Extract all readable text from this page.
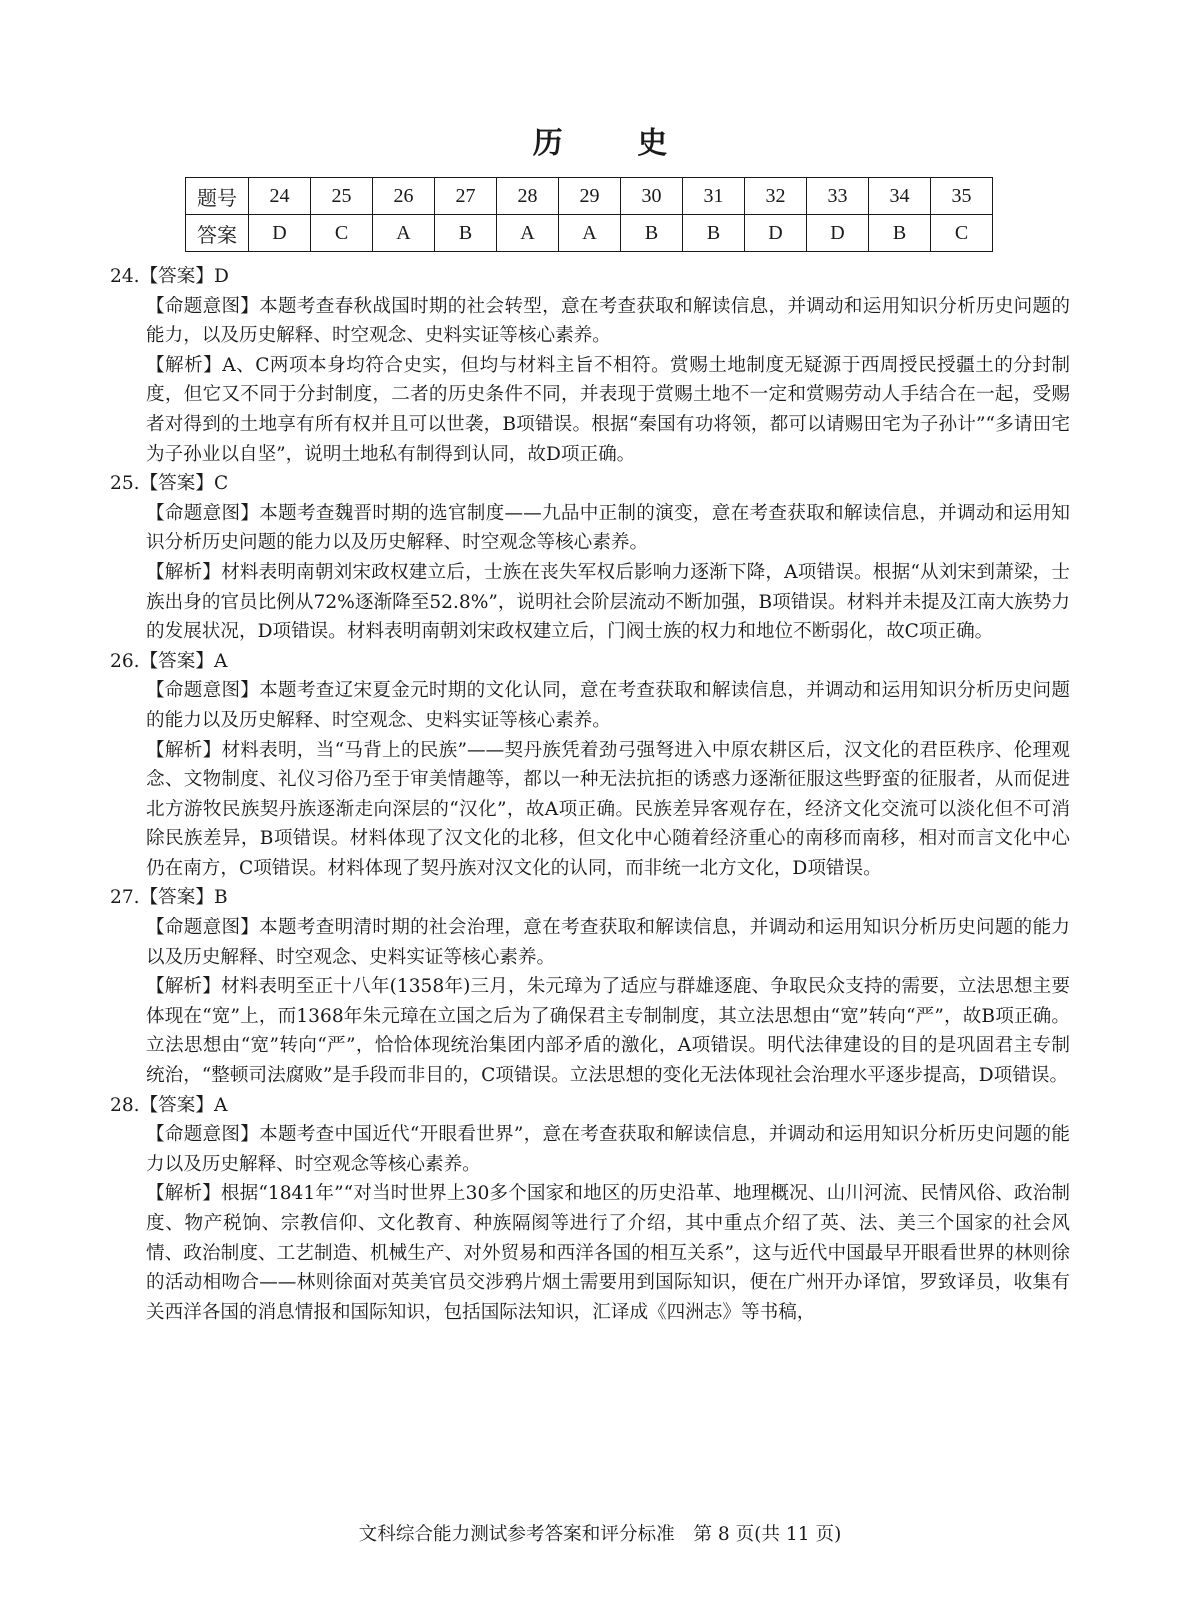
历 史
题号	24	25	26	27	28	29	30	31	32	33	34	35
答案	D	C	A	B	A	A	B	B	D	D	B	C

24.【答案】D

【命题意图】本题考查春秋战国时期的社会转型，意在考查获取和解读信息，并调动和运用知识分析历史问题的能力，以及历史解释、时空观念、史料实证等核心素养。

【解析】A、C两项本身均符合史实，但均与材料主旨不相符。赏赐土地制度无疑源于西周授民授疆土的分封制度，但它又不同于分封制度，二者的历史条件不同，并表现于赏赐土地不一定和赏赐劳动人手结合在一起，受赐者对得到的土地享有所有权并且可以世袭，B项错误。根据“秦国有功将领，都可以请赐田宅为子孙计”“多请田宅为子孙业以自坚”，说明土地私有制得到认同，故D项正确。

25.【答案】C

【命题意图】本题考查魏晋时期的选官制度——九品中正制的演变，意在考查获取和解读信息，并调动和运用知识分析历史问题的能力以及历史解释、时空观念等核心素养。

【解析】材料表明南朝刘宋政权建立后，士族在丧失军权后影响力逐渐下降，A项错误。根据“从刘宋到萧梁，士族出身的官员比例从72%逐渐降至52.8%”，说明社会阶层流动不断加强，B项错误。材料并未提及江南大族势力的发展状况，D项错误。材料表明南朝刘宋政权建立后，门阀士族的权力和地位不断弱化，故C项正确。

26.【答案】A

【命题意图】本题考查辽宋夏金元时期的文化认同，意在考查获取和解读信息，并调动和运用知识分析历史问题的能力以及历史解释、时空观念、史料实证等核心素养。

【解析】材料表明，当“马背上的民族”——契丹族凭着劲弓强弩进入中原农耕区后，汉文化的君臣秩序、伦理观念、文物制度、礼仪习俗乃至于审美情趣等，都以一种无法抗拒的诱惑力逐渐征服这些野蛮的征服者，从而促进北方游牧民族契丹族逐渐走向深层的“汉化”，故A项正确。民族差异客观存在，经济文化交流可以淡化但不可消除民族差异，B项错误。材料体现了汉文化的北移，但文化中心随着经济重心的南移而南移，相对而言文化中心仍在南方，C项错误。材料体现了契丹族对汉文化的认同，而非统一北方文化，D项错误。

27.【答案】B

【命题意图】本题考查明清时期的社会治理，意在考查获取和解读信息，并调动和运用知识分析历史问题的能力以及历史解释、时空观念、史料实证等核心素养。

【解析】材料表明至正十八年(1358年)三月，朱元璋为了适应与群雄逐鹿、争取民众支持的需要，立法思想主要体现在“宽”上，而1368年朱元璋在立国之后为了确保君主专制制度，其立法思想由“宽”转向“严”，故B项正确。立法思想由“宽”转向“严”，恰恰体现统治集团内部矛盾的激化，A项错误。明代法律建设的目的是巩固君主专制统治，“整顿司法腐败”是手段而非目的，C项错误。立法思想的变化无法体现社会治理水平逐步提高，D项错误。

28.【答案】A

【命题意图】本题考查中国近代“开眼看世界”，意在考查获取和解读信息，并调动和运用知识分析历史问题的能力以及历史解释、时空观念等核心素养。

【解析】根据“1841年”“对当时世界上30多个国家和地区的历史沿革、地理概况、山川河流、民情风俗、政治制度、物产税饷、宗教信仰、文化教育、种族隔阂等进行了介绍，其中重点介绍了英、法、美三个国家的社会风情、政治制度、工艺制造、机械生产、对外贸易和西洋各国的相互关系”，这与近代中国最早开眼看世界的林则徐的活动相吻合——林则徐面对英美官员交涉鸦片烟土需要用到国际知识，便在广州开办译馆，罗致译员，收集有关西洋各国的消息情报和国际知识，包括国际法知识，汇译成《四洲志》等书稿，

文科综合能力测试参考答案和评分标准　第 8 页(共 11 页)
